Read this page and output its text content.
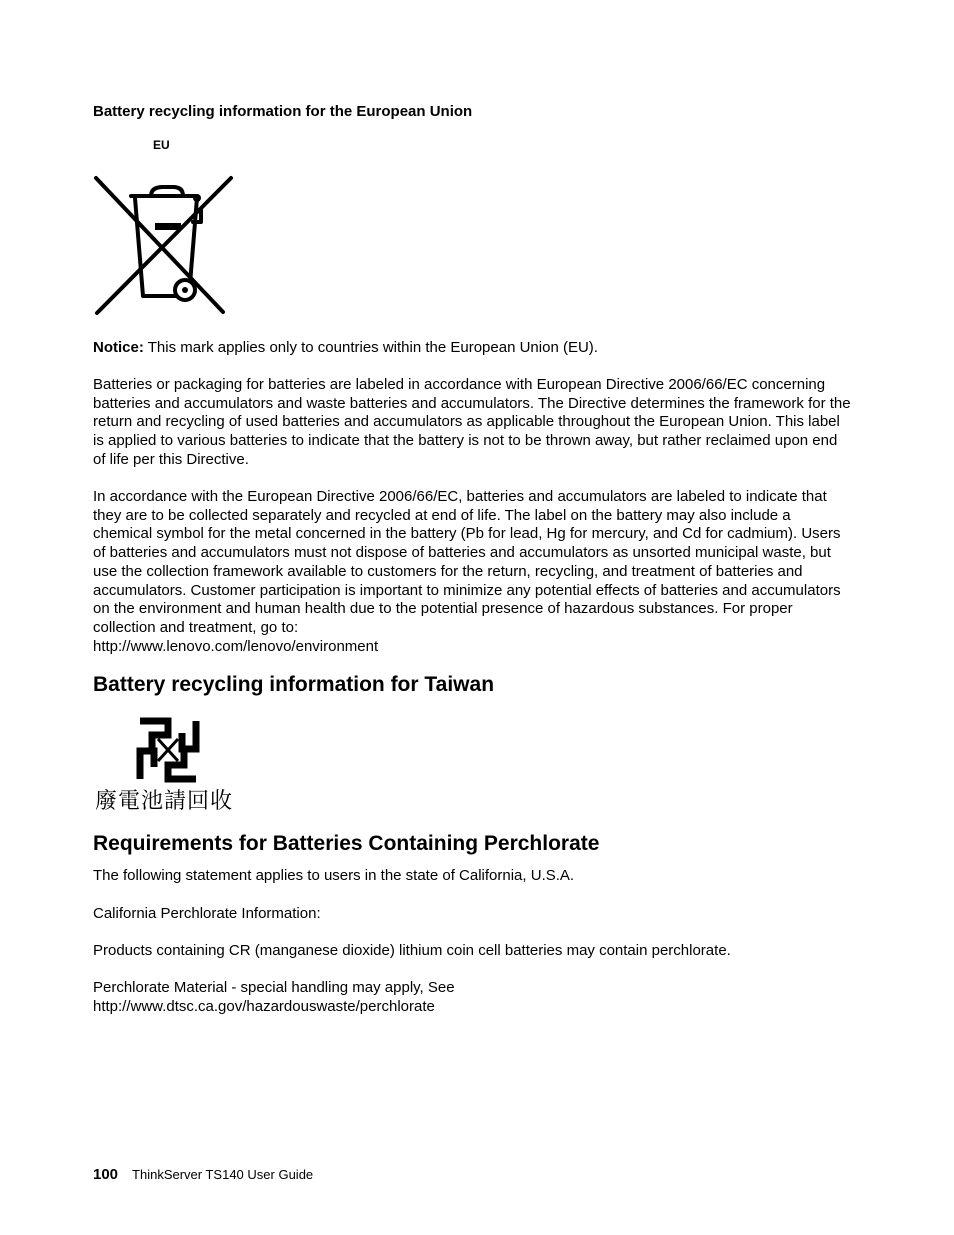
Battery recycling information for the European Union
EU
Notice: This mark applies only to countries within the European Union (EU).
Batteries or packaging for batteries are labeled in accordance with European Directive 2006/66/EC concerning batteries and accumulators and waste batteries and accumulators. The Directive determines the framework for the return and recycling of used batteries and accumulators as applicable throughout the European Union. This label is applied to various batteries to indicate that the battery is not to be thrown away, but rather reclaimed upon end of life per this Directive.

In accordance with the European Directive 2006/66/EC, batteries and accumulators are labeled to indicate that they are to be collected separately and recycled at end of life. The label on the battery may also include a chemical symbol for the metal concerned in the battery (Pb for lead, Hg for mercury, and Cd for cadmium). Users of batteries and accumulators must not dispose of batteries and accumulators as unsorted municipal waste, but use the collection framework available to customers for the return, recycling, and treatment of batteries and accumulators. Customer participation is important to minimize any potential effects of batteries and accumulators on the environment and human health due to the potential presence of hazardous substances. For proper collection and treatment, go to:

http://www.lenovo.com/lenovo/environment

Battery recycling information for Taiwan
廢電池請回收
Requirements for Batteries Containing Perchlorate
The following statement applies to users in the state of California, U.S.A.
California Perchlorate Information:
Products containing CR (manganese dioxide) lithium coin cell batteries may contain perchlorate.

Perchlorate Material - special handling may apply, See

http://www.dtsc.ca.gov/hazardouswaste/perchlorate

100 ThinkServer TS140 User Guide
